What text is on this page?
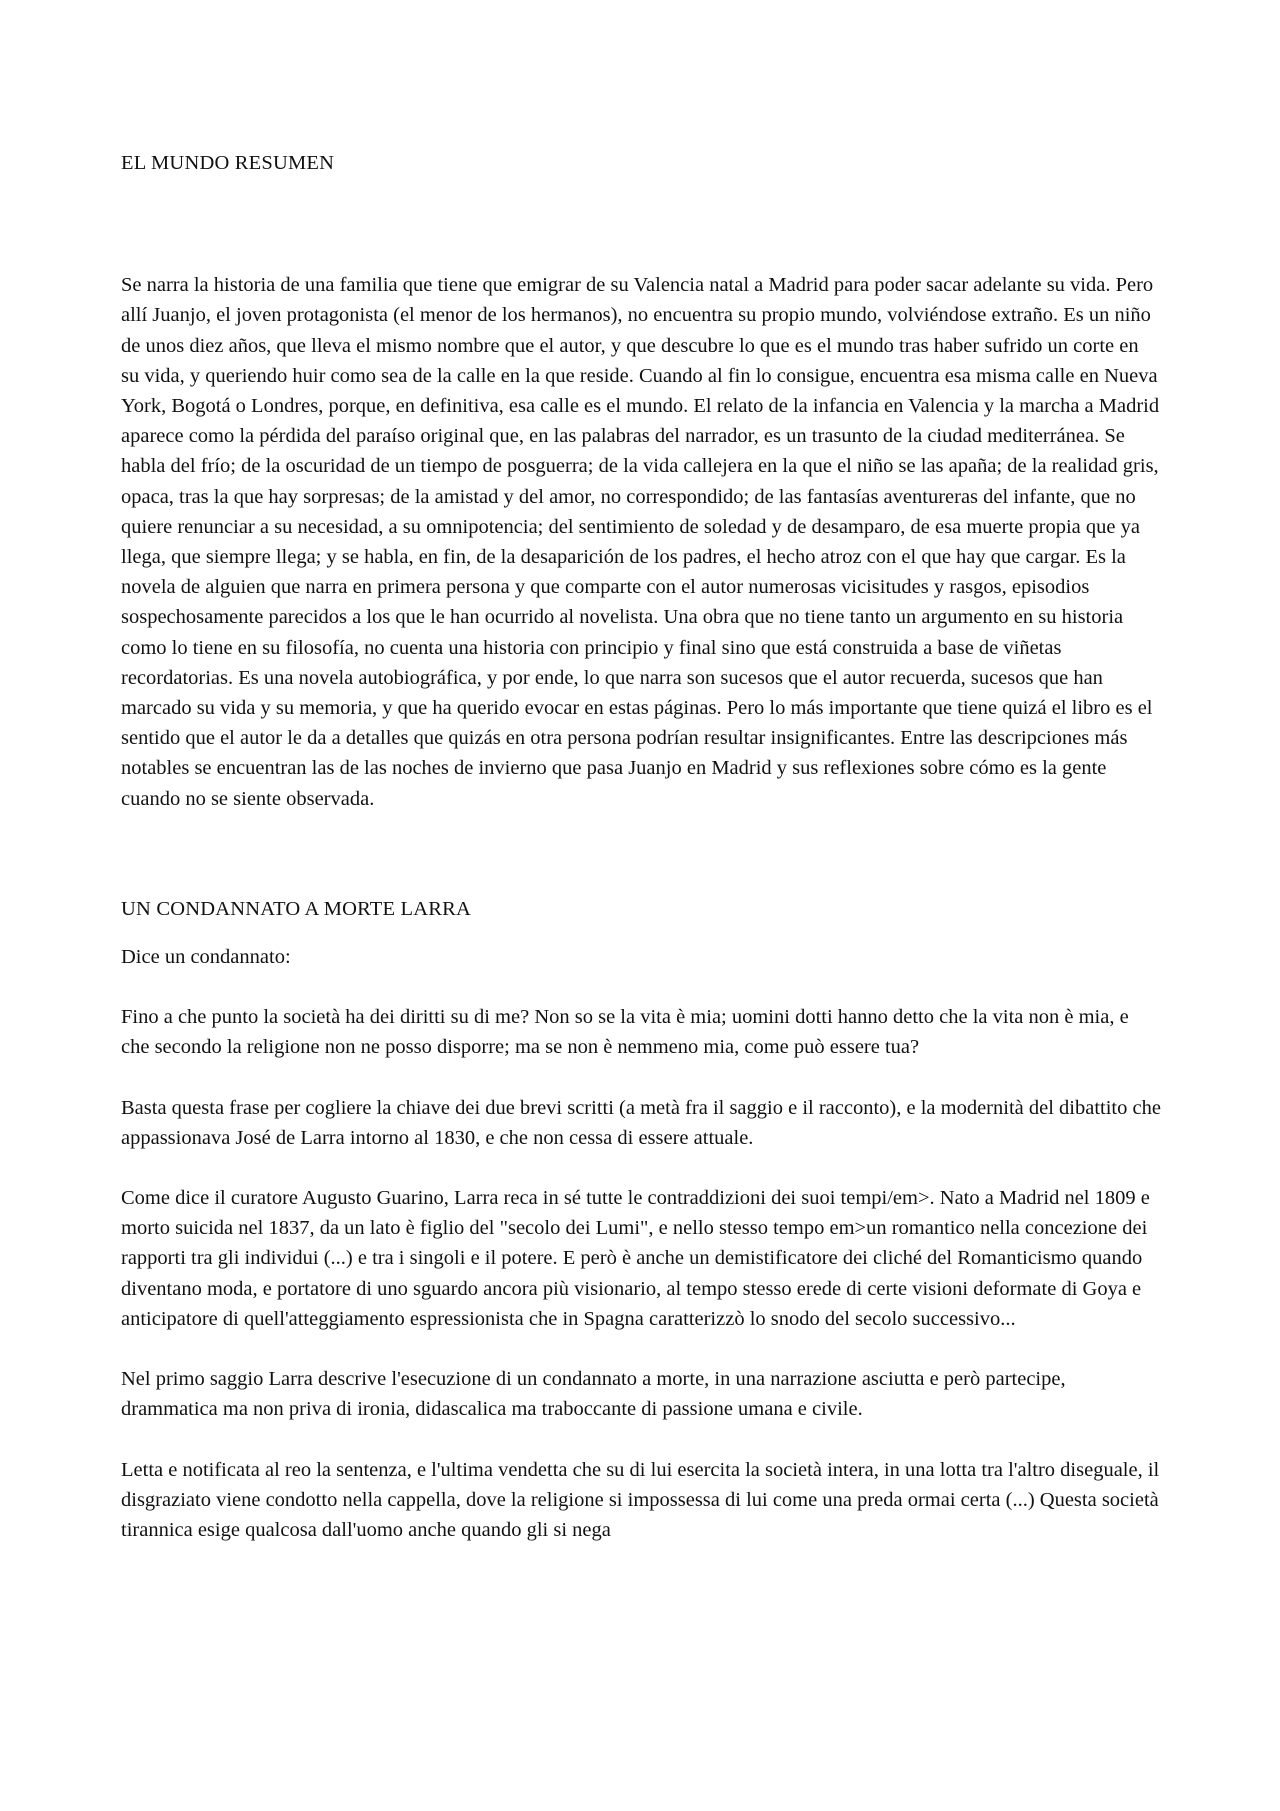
EL MUNDO RESUMEN

Se narra la historia de una familia que tiene que emigrar de su Valencia natal a Madrid para poder sacar adelante su vida. Pero allí Juanjo, el joven protagonista (el menor de los hermanos), no encuentra su propio mundo, volviéndose extraño. Es un niño de unos diez años, que lleva el mismo nombre que el autor, y que descubre lo que es el mundo tras haber sufrido un corte en su vida, y queriendo huir como sea de la calle en la que reside. Cuando al fin lo consigue, encuentra esa misma calle en Nueva York, Bogotá o Londres, porque, en definitiva, esa calle es el mundo. El relato de la infancia en Valencia y la marcha a Madrid aparece como la pérdida del paraíso original que, en las palabras del narrador, es un trasunto de la ciudad mediterránea. Se habla del frío; de la oscuridad de un tiempo de posguerra; de la vida callejera en la que el niño se las apaña; de la realidad gris, opaca, tras la que hay sorpresas; de la amistad y del amor, no correspondido; de las fantasías aventureras del infante, que no quiere renunciar a su necesidad, a su omnipotencia; del sentimiento de soledad y de desamparo, de esa muerte propia que ya llega, que siempre llega; y se habla, en fin, de la desaparición de los padres, el hecho atroz con el que hay que cargar. Es la novela de alguien que narra en primera persona y que comparte con el autor numerosas vicisitudes y rasgos, episodios sospechosamente parecidos a los que le han ocurrido al novelista. Una obra que no tiene tanto un argumento en su historia como lo tiene en su filosofía, no cuenta una historia con principio y final sino que está construida a base de viñetas recordatorias. Es una novela autobiográfica, y por ende, lo que narra son sucesos que el autor recuerda, sucesos que han marcado su vida y su memoria, y que ha querido evocar en estas páginas. Pero lo más importante que tiene quizá el libro es el sentido que el autor le da a detalles que quizás en otra persona podrían resultar insignificantes. Entre las descripciones más notables se encuentran las de las noches de invierno que pasa Juanjo en Madrid y sus reflexiones sobre cómo es la gente cuando no se siente observada.

UN CONDANNATO A MORTE LARRA

Dice un condannato:

Fino a che punto la società ha dei diritti su di me? Non so se la vita è mia; uomini dotti hanno detto che la vita non è mia, e che secondo la religione non ne posso disporre; ma se non è nemmeno mia, come può essere tua?

Basta questa frase per cogliere la chiave dei due brevi scritti (a metà fra il saggio e il racconto), e la modernità del dibattito che appassionava José de Larra intorno al 1830, e che non cessa di essere attuale.

Come dice il curatore Augusto Guarino, Larra reca in sé tutte le contraddizioni dei suoi tempi/em>. Nato a Madrid nel 1809 e morto suicida nel 1837, da un lato è figlio del "secolo dei Lumi", e nello stesso tempo em>un romantico nella concezione dei rapporti tra gli individui (...) e tra i singoli e il potere. E però è anche un demistificatore dei cliché del Romanticismo quando diventano moda, e portatore di uno sguardo ancora più visionario, al tempo stesso erede di certe visioni deformate di Goya e anticipatore di quell'atteggiamento espressionista che in Spagna caratterizzò lo snodo del secolo successivo...

Nel primo saggio Larra descrive l'esecuzione di un condannato a morte, in una narrazione asciutta e però partecipe, drammatica ma non priva di ironia, didascalica ma traboccante di passione umana e civile.

Letta e notificata al reo la sentenza, e l'ultima vendetta che su di lui esercita la società intera, in una lotta tra l'altro diseguale, il disgraziato viene condotto nella cappella, dove la religione si impossessa di lui come una preda ormai certa (...) Questa società tirannica esige qualcosa dall'uomo anche quando gli si nega
